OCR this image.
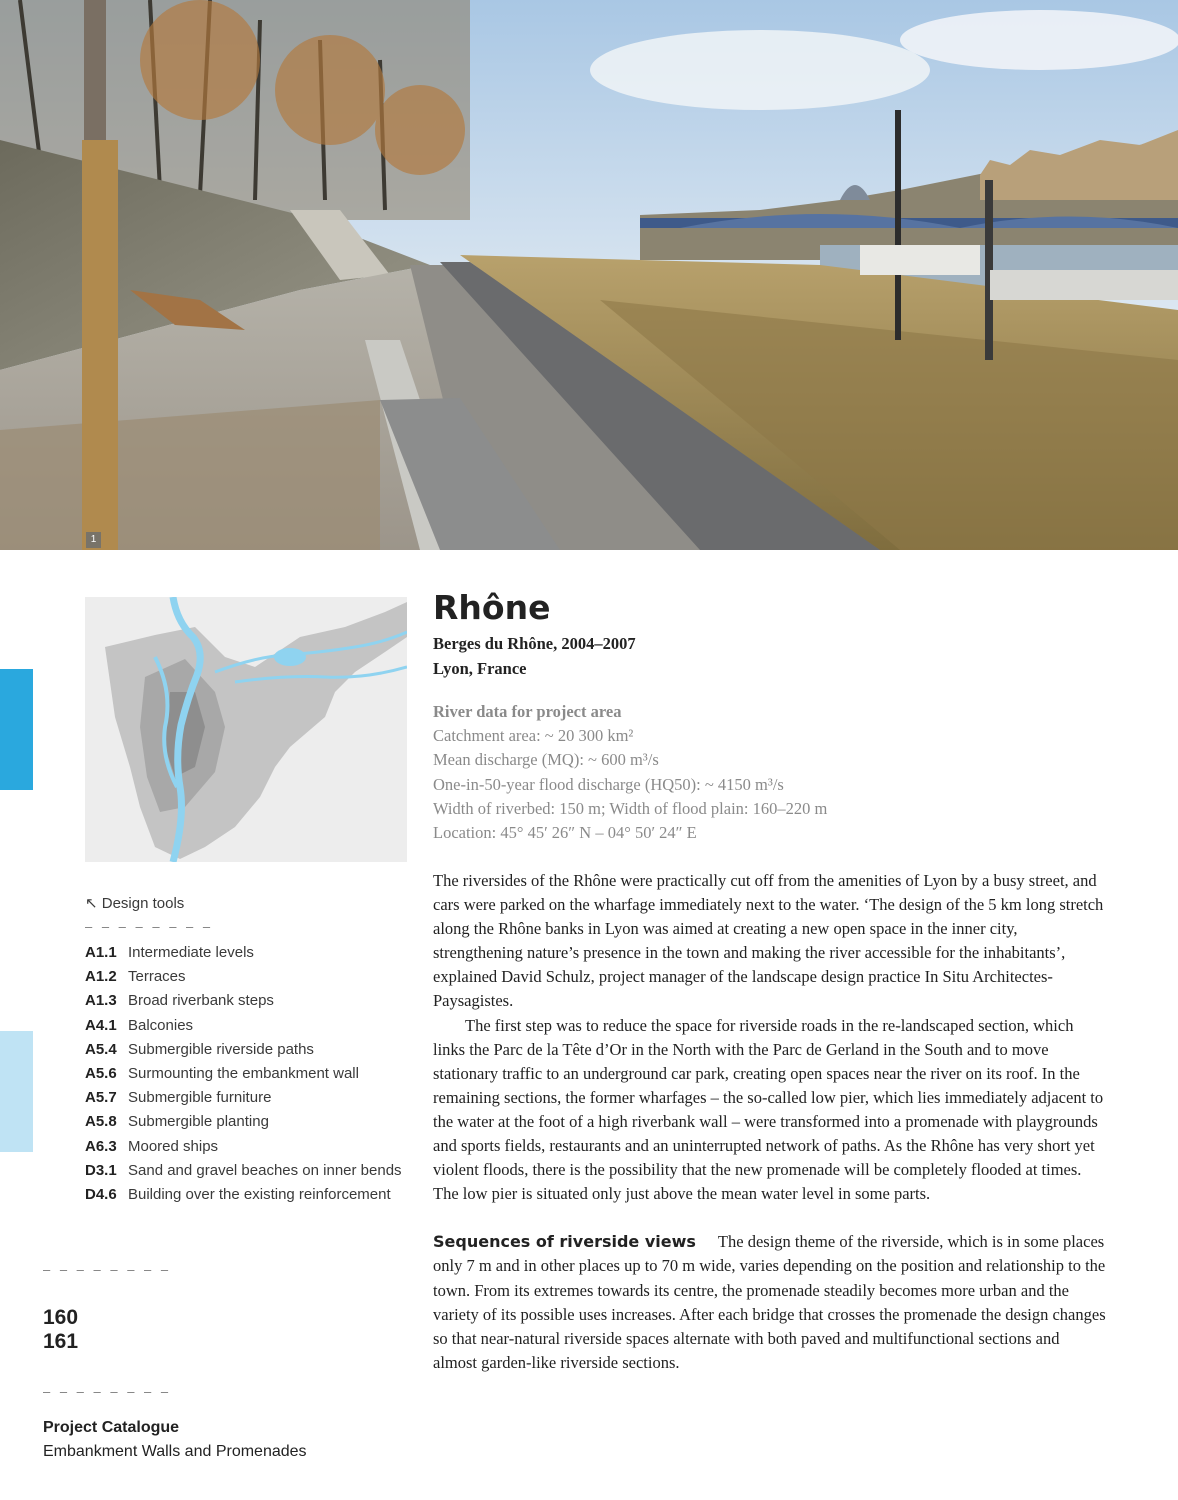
1
↖ Design tools
– – – – – – – –
A1.1 Intermediate levels
A1.2 Terraces
A1.3 Broad riverbank steps
A4.1 Balconies
A5.4 Submergible riverside paths
A5.6 Surmounting the embankment wall
A5.7 Submergible furniture
A5.8 Submergible planting
A6.3 Moored ships
D3.1 Sand and gravel beaches on inner bends
D4.6 Building over the existing reinforcement
– – – – – – – –
160
161
– – – – – – – –
Project Catalogue
Embankment Walls and Promenades
Rhône
Berges du Rhône, 2004–2007
Lyon, France
River data for project area
Catchment area: ~ 20 300 km²
Mean discharge (MQ): ~ 600 m³/s
One-in-50-year flood discharge (HQ50): ~ 4150 m³/s
Width of riverbed: 150 m; Width of flood plain: 160–220 m
Location: 45° 45′ 26″ N – 04° 50′ 24″ E

The riversides of the Rhône were practically cut off from the amenities of Lyon by a busy street, and cars were parked on the wharfage immediately next to the water. ‘The design of the 5 km long stretch along the Rhône banks in Lyon was aimed at creating a new open space in the inner city, strengthening nature’s presence in the town and making the river accessible for the inhabitants’, explained David Schulz, project manager of the landscape design practice In Situ Architectes-Paysagistes.

The first step was to reduce the space for riverside roads in the re-landscaped section, which links the Parc de la Tête d’Or in the North with the Parc de Gerland in the South and to move stationary traffic to an underground car park, creating open spaces near the river on its roof. In the remaining sections, the former wharfages – the so-called low pier, which lies immediately adjacent to the water at the foot of a high riverbank wall – were transformed into a promenade with playgrounds and sports fields, restaurants and an uninterrupted network of paths. As the Rhône has very short yet violent floods, there is the possibility that the new promenade will be completely flooded at times. The low pier is situated only just above the mean water level in some parts.

Sequences of riverside views The design theme of the riverside, which is in some places only 7 m and in other places up to 70 m wide, varies depending on the position and relationship to the town. From its extremes towards its centre, the promenade steadily becomes more urban and the variety of its possible uses increases. After each bridge that crosses the promenade the design changes so that near-natural riverside spaces alternate with both paved and multifunctional sections and almost garden-like riverside sections.
